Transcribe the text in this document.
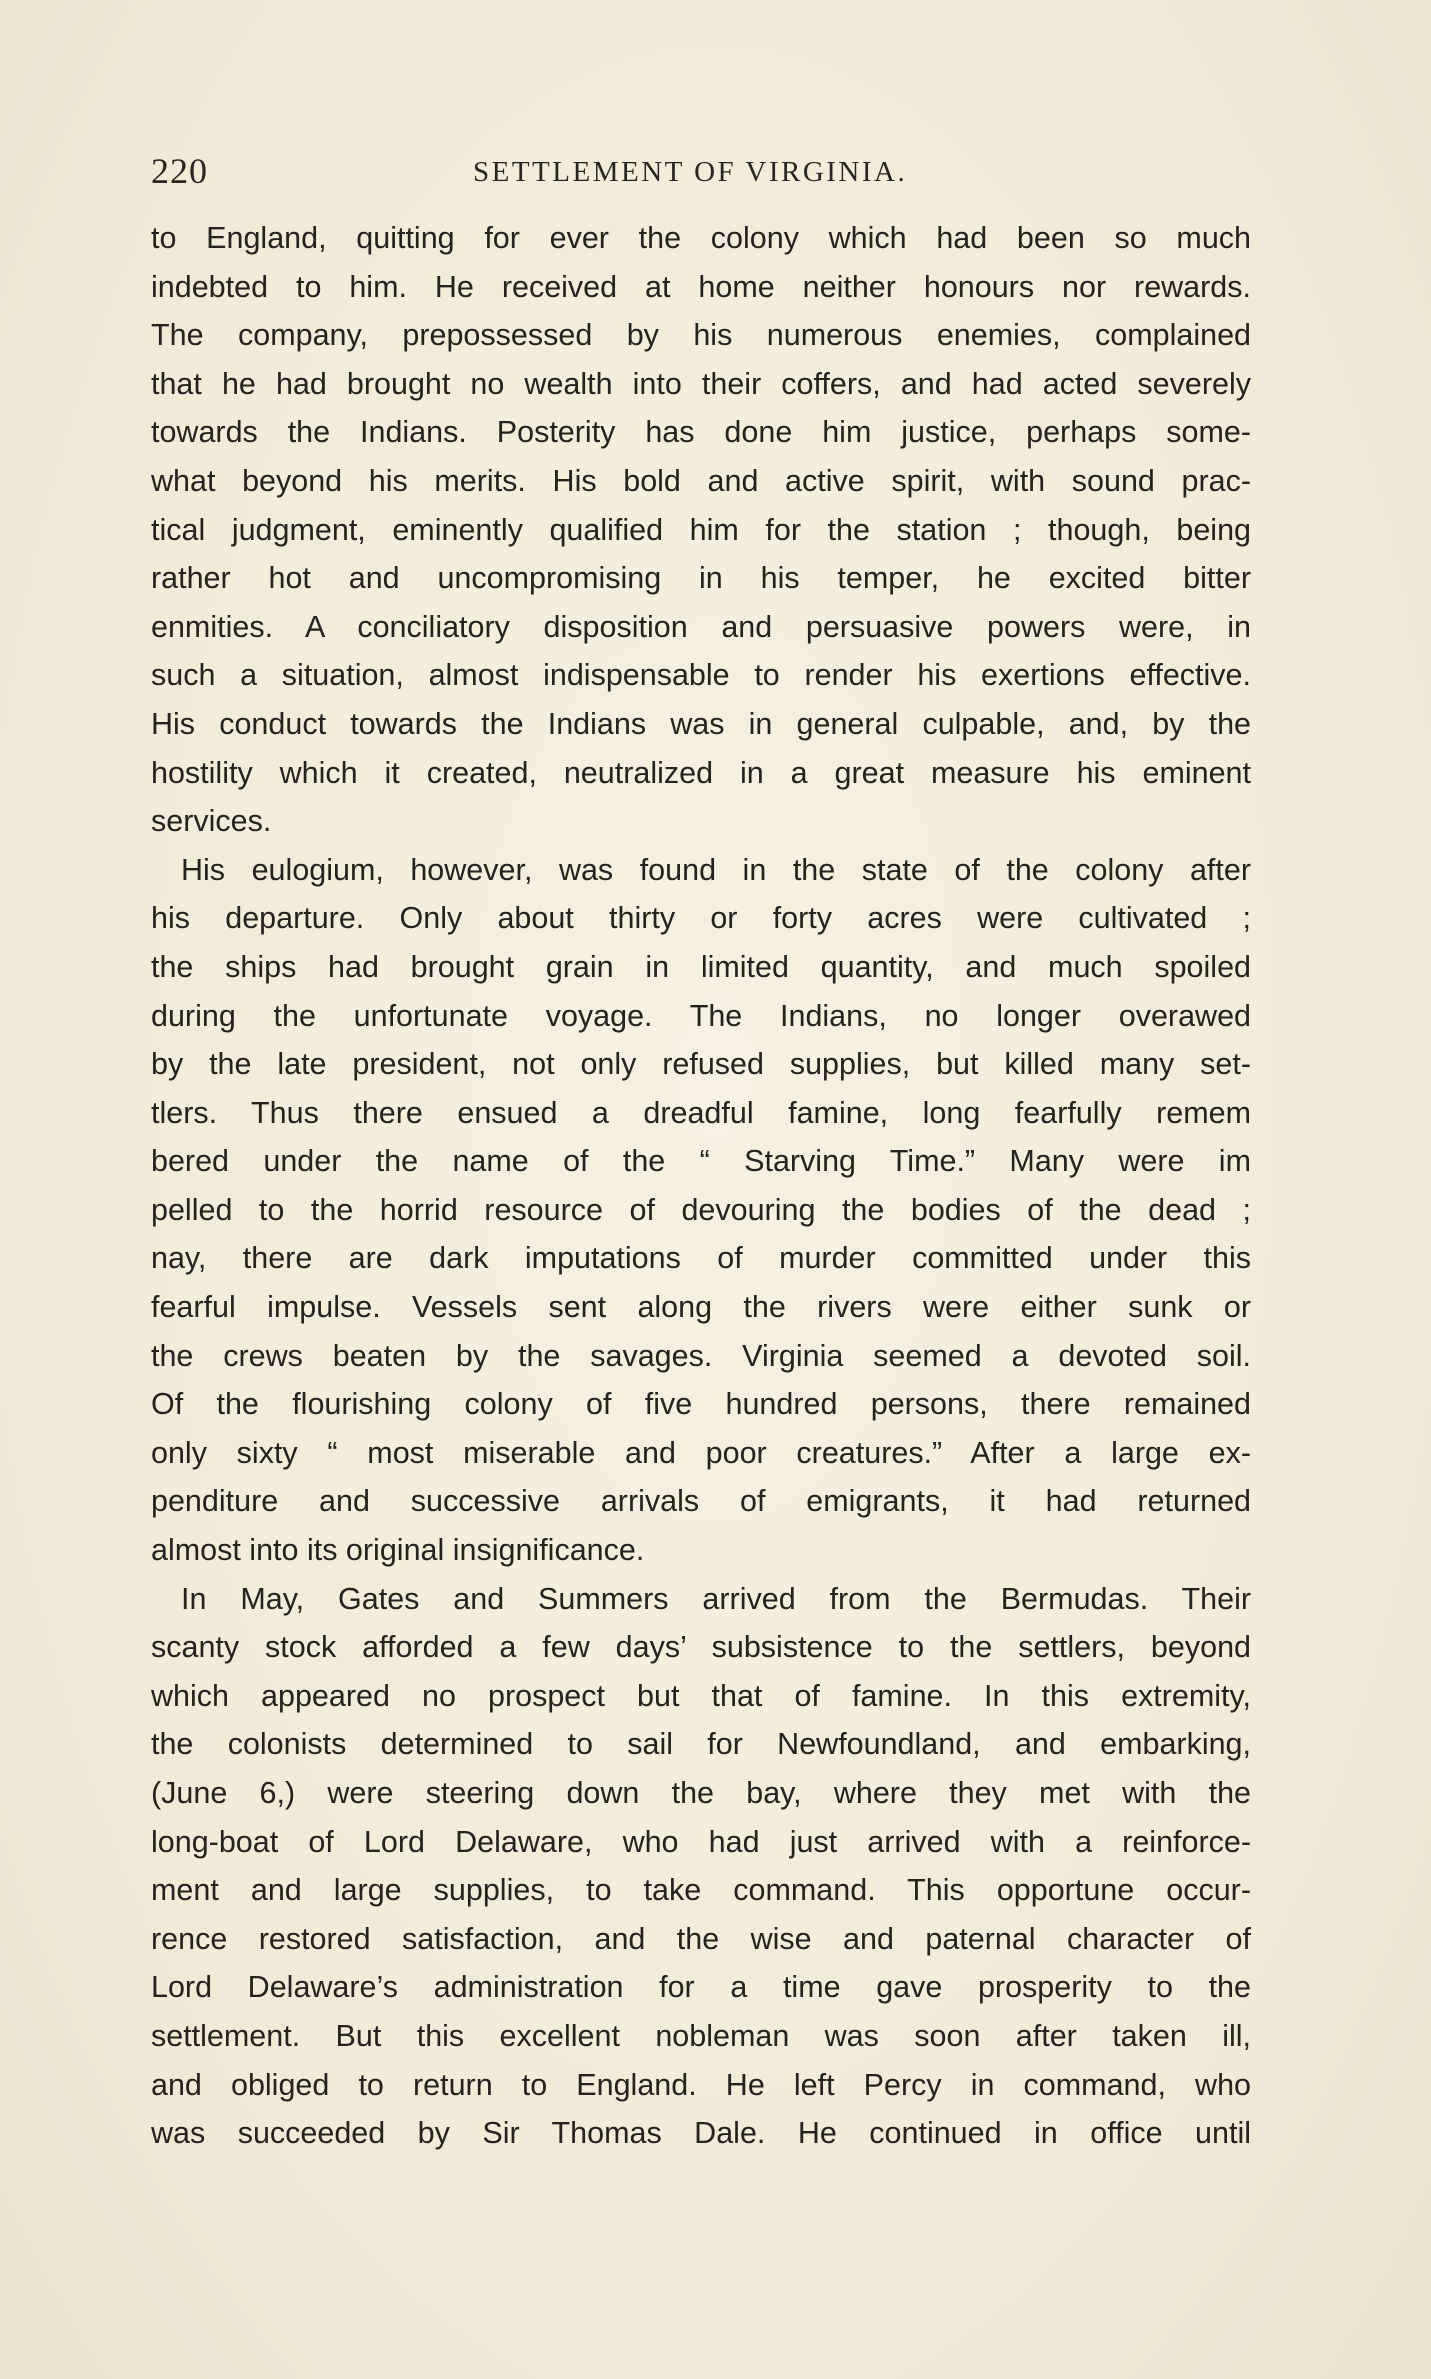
220	SETTLEMENT OF VIRGINIA.
to England, quitting for ever the colony which had been so much
indebted to him. He received at home neither honours nor rewards.
The company, prepossessed by his numerous enemies, complained
that he had brought no wealth into their coffers, and had acted severely
towards the Indians. Posterity has done him justice, perhaps some-
what beyond his merits. His bold and active spirit, with sound prac-
tical judgment, eminently qualified him for the station ; though, being
rather hot and uncompromising in his temper, he excited bitter
enmities. A conciliatory disposition and persuasive powers were, in
such a situation, almost indispensable to render his exertions effective.
His conduct towards the Indians was in general culpable, and, by the
hostility which it created, neutralized in a great measure his eminent
services.
His eulogium, however, was found in the state of the colony after
his departure. Only about thirty or forty acres were cultivated ;
the ships had brought grain in limited quantity, and much spoiled
during the unfortunate voyage. The Indians, no longer overawed
by the late president, not only refused supplies, but killed many set-
tlers. Thus there ensued a dreadful famine, long fearfully remem
bered under the name of the “ Starving Time.” Many were im
pelled to the horrid resource of devouring the bodies of the dead ;
nay, there are dark imputations of murder committed under this
fearful impulse. Vessels sent along the rivers were either sunk or
the crews beaten by the savages. Virginia seemed a devoted soil.
Of the flourishing colony of five hundred persons, there remained
only sixty “ most miserable and poor creatures.” After a large ex-
penditure and successive arrivals of emigrants, it had returned
almost into its original insignificance.
In May, Gates and Summers arrived from the Bermudas. Their
scanty stock afforded a few days’ subsistence to the settlers, beyond
which appeared no prospect but that of famine. In this extremity,
the colonists determined to sail for Newfoundland, and embarking,
(June 6,) were steering down the bay, where they met with the
long-boat of Lord Delaware, who had just arrived with a reinforce-
ment and large supplies, to take command. This opportune occur-
rence restored satisfaction, and the wise and paternal character of
Lord Delaware’s administration for a time gave prosperity to the
settlement. But this excellent nobleman was soon after taken ill,
and obliged to return to England. He left Percy in command, who
was succeeded by Sir Thomas Dale. He continued in office until
